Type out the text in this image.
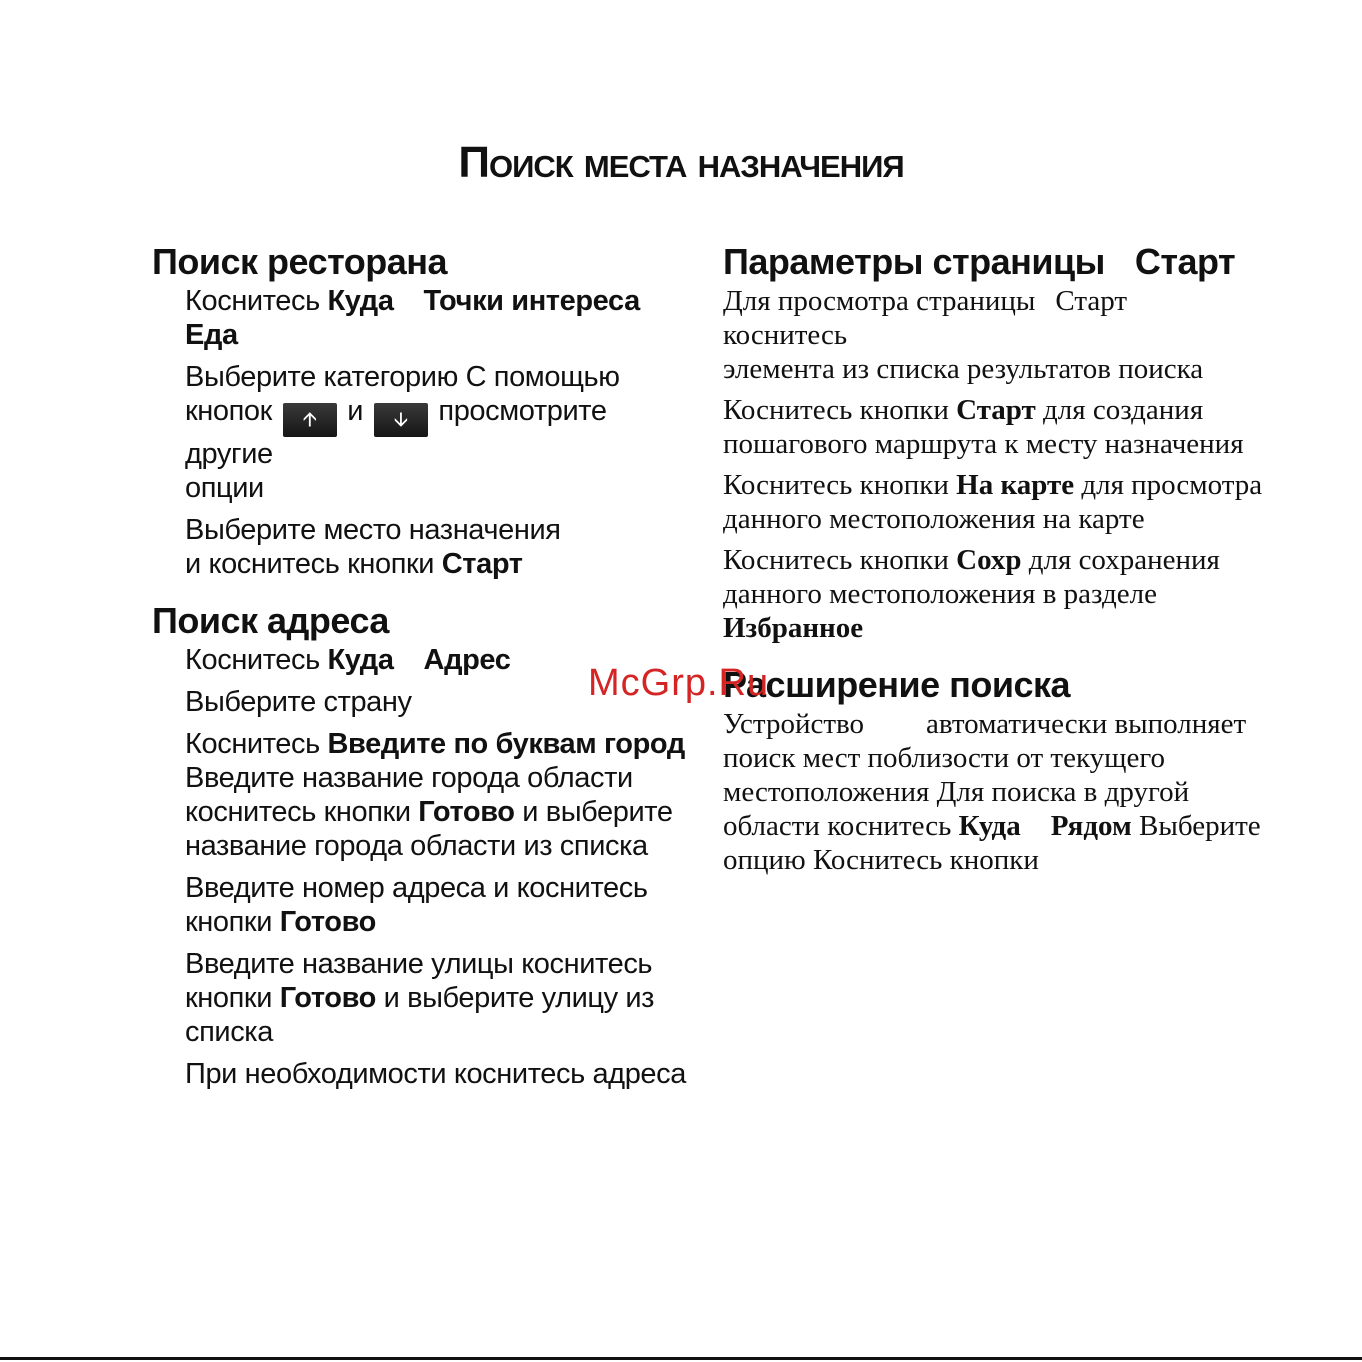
Поиск места назначения
Поиск ресторана

Коснитесь Куда Точки интереса
Еда

Выберите категорию С помощью
кнопок 🡩 и 🡫 просмотрите другие
опции

Выберите место назначения
и коснитесь кнопки Старт

Поиск адреса

Коснитесь Куда Адрес

Выберите страну

Коснитесь Введите по буквам город
Введите название города области
коснитесь кнопки Готово и выберите
название города области из списка

Введите номер адреса и коснитесь
кнопки Готово

Введите название улицы коснитесь
кнопки Готово и выберите улицу из
списка

При необходимости коснитесь адреса

Параметры страницы Старт

Для просмотра страницы Старткоснитесь
элемента из списка результатов поиска

Коснитесь кнопки Старт для создания
пошагового маршрута к месту назначения

Коснитесь кнопки На карте для просмотра
данного местоположения на карте

Коснитесь кнопки Сохр для сохранения
данного местоположения в разделе
Избранное

Расширение поиска

Устройство автоматически выполняет
поиск мест поблизости от текущего
местоположения Для поиска в другой
области коснитесь Куда Рядом Выберите
опцию Коснитесь кнопки

McGrp.Ru
